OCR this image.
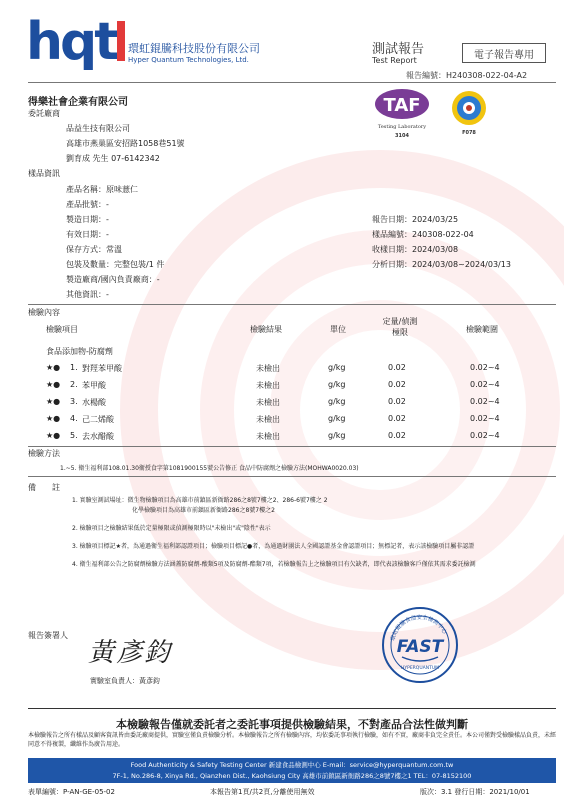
hqt	環虹錕騰科技股份有限公司
Hyper Quantum Technologies, Ltd.
測試報告
Test Report	電子報告專用
報告編號：H240308-022-04-A2
得樂社會企業有限公司
委託廠商
品益生技有限公司
高雄市燕巢區安招路1058巷51號
劉育成 先生 07-6142342
TAF
Testing Laboratory
3104	F078
樣品資訊
產品名稱：原味薏仁
產品批號：-
製造日期：-
有效日期：-
保存方式：常溫
包裝及數量：完整包裝/1 件
製造廠商/國內負責廠商：-
其他資訊：-
報告日期：2024/03/25
樣品編號：240308-022-04
收樣日期：2024/03/08
分析日期：2024/03/08~2024/03/13
檢驗內容
檢驗項目	檢驗結果	單位
定量/偵測
極限	檢驗範圍
食品添加物-防腐劑
★● 1. 對羥苯甲酸	未檢出	g/kg	0.02	0.02~4
★● 2. 苯甲酸	未檢出	g/kg	0.02	0.02~4
★● 3. 水楊酸	未檢出	g/kg	0.02	0.02~4
★● 4. 己二烯酸	未檢出	g/kg	0.02	0.02~4
★● 5. 去水醋酸	未檢出	g/kg	0.02	0.02~4
檢驗方法
1.~5. 衛生福利部108.01.30衛授食字第1081900155號公告修正 食品中防腐劑之檢驗方法(MOHWA0020.03)
備　　註
1. 實驗室測試場址：微生物檢驗項目為高雄市前鎮區新衙路286之8號7樓之2、286-6號7樓之 2
　　　　　　　　　　化學檢驗項目為高雄市前鎮區新衙路286之8號7樓之2
2. 檢驗項目之檢驗結果低於定量極限或偵測極限時以"未檢出"或"陰性"表示
3. 檢驗項目標記★者，為通過衛生福利部認證項目；檢驗項目標記●者，為通過財團法人全國認證基金會認證項目；無標記者，表示該檢驗項目屬非認證
4. 衛生福利部公告之防腐劑檢驗方法涵蓋防腐劑-酸類5項及防腐劑-酯類7項，若檢驗報告上之檢驗項目有欠缺者，即代表該檢驗客戶僅依其需求委託檢測
報告簽署人
黃彥鈞
實驗室負責人：黃彥鈞
環虹錕騰食品安全檢測中心
FAST
HYPERQUANTUM
本檢驗報告僅就委託者之委託事項提供檢驗結果，不對產品合法性做判斷
本檢驗報告之所有樣品及顧客資訊皆由委託廠商提供，實驗室僅負責檢驗分析。本檢驗報告之所有檢驗內容，均依委託事項執行檢驗，如有不實，廠商非負完全責任。本公司僅對受檢驗樣品負責，未經同意不得複製，纖維作為廣告用途。
Food Authenticity & Safety Testing Center 新建食品檢測中心 E-mail：service@hyperquantum.com.tw
7F-1, No.286-8, Xinya Rd., Qianzhen Dist., Kaohsiung City 高雄市前鎮區新衙路286之8號7樓之1 TEL：07-8152100
表單編號：P-AN-GE-05-02	本報告第1頁/共2頁,分離使用無效	版次：3.1 發行日期：2021/10/01
